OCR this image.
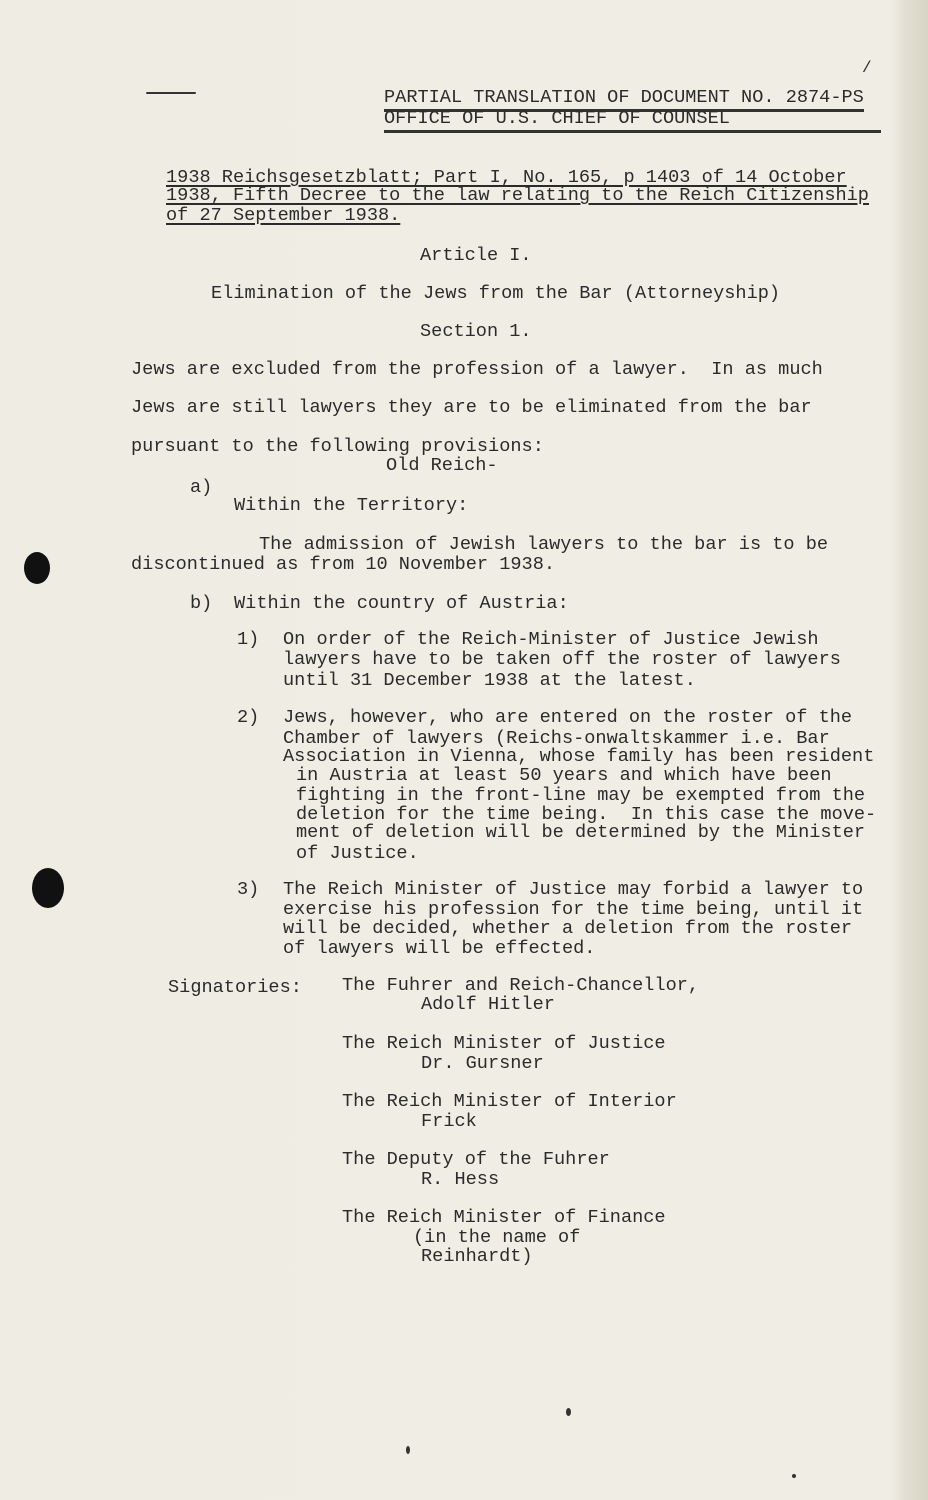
/
PARTIAL TRANSLATION OF DOCUMENT NO. 2874-PS
OFFICE OF U.S. CHIEF OF COUNSEL
1938 Reichsgesetzblatt; Part I, No. 165, p 1403 of 14 October
1938, Fifth Decree to the law relating to the Reich Citizenship
of 27 September 1938.
Article I.
Elimination of the Jews from the Bar (Attorneyship)
Section 1.
Jews are excluded from the profession of a lawyer.  In as much
Jews are still lawyers they are to be eliminated from the bar
pursuant to the following provisions:
Old Reich-
a)
Within the Territory:
The admission of Jewish lawyers to the bar is to be
discontinued as from 10 November 1938.
b) Within the country of Austria:
1) On order of the Reich-Minister of Justice Jewish
lawyers have to be taken off the roster of lawyers
until 31 December 1938 at the latest.
2) Jews, however, who are entered on the roster of the
Chamber of lawyers (Reichs-onwaltskammer i.e. Bar
Association in Vienna, whose family has been resident
in Austria at least 50 years and which have been
fighting in the front-line may be exempted from the
deletion for the time being.  In this case the move-
ment of deletion will be determined by the Minister
of Justice.
3) The Reich Minister of Justice may forbid a lawyer to
exercise his profession for the time being, until it
will be decided, whether a deletion from the roster
of lawyers will be effected.
Signatories: The Fuhrer and Reich-Chancellor,
Adolf Hitler
The Reich Minister of Justice
Dr. Gursner
The Reich Minister of Interior
Frick
The Deputy of the Fuhrer
R. Hess
The Reich Minister of Finance
(in the name of
Reinhardt)
